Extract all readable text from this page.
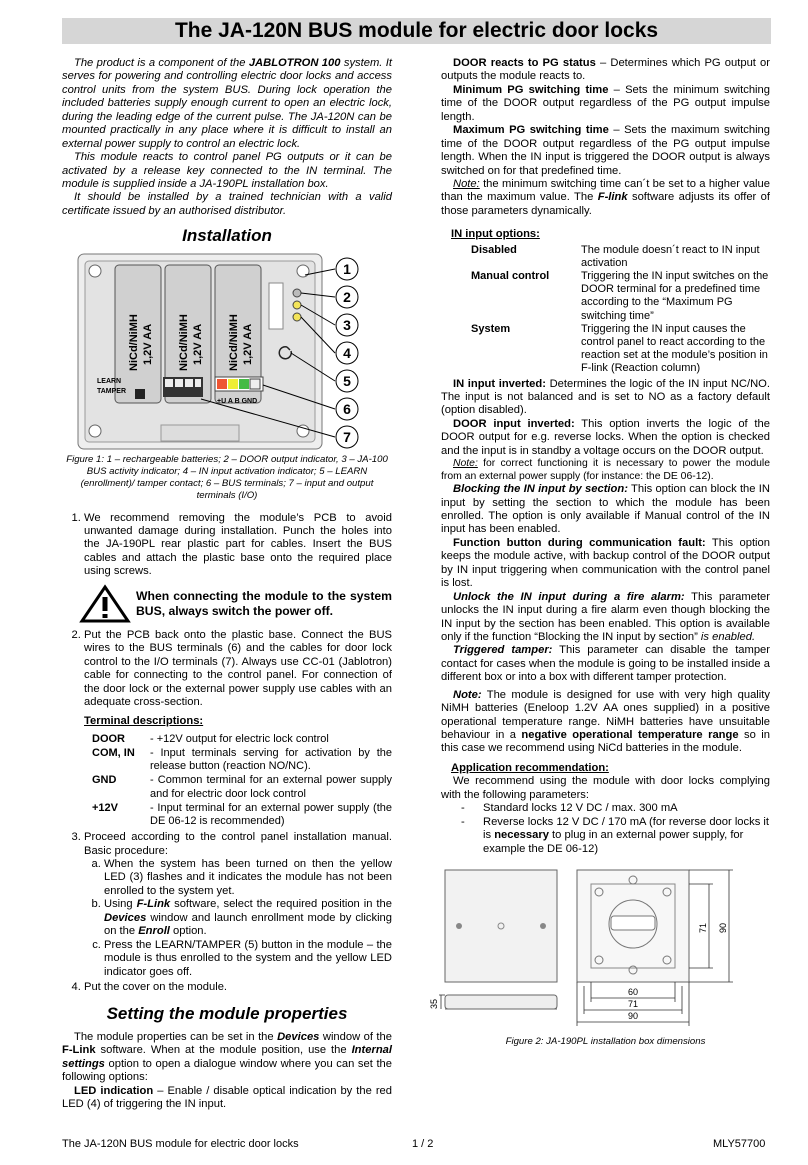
The JA-120N BUS module for electric door locks

The product is a component of the JABLOTRON 100 system. It serves for powering and controlling electric door locks and access control units from the system BUS. During lock operation the included batteries supply enough current to open an electric lock, during the leading edge of the current pulse. The JA-120N can be mounted practically in any place where it is difficult to install an external power supply to control an electric lock.

This module reacts to control panel PG outputs or it can be activated by a release key connected to the IN terminal. The module is supplied inside a JA-190PL installation box.

It should be installed by a trained technician with a valid certificate issued by an authorised distributor.

Installation
NiCd/NiMH 1,2V AA NiCd/NiMH 1,2V AA NiCd/NiMH 1,2V AA
LEARN
TAMPER
+U A B GND
1
2
3
4
5
6
7
Figure 1: 1 – rechargeable batteries; 2 – DOOR output indicator, 3 – JA-100 BUS activity indicator; 4 – IN input activation indicator; 5 – LEARN (enrollment)/ tamper contact; 6 – BUS terminals; 7 – input and output terminals (I/O)
1. We recommend removing the module’s PCB to avoid unwanted damage during installation. Punch the holes into the JA-190PL rear plastic part for cables. Insert the BUS cables and attach the plastic base onto the required place using screws.
When connecting the module to the system BUS, always switch the power off.
2. Put the PCB back onto the plastic base. Connect the BUS wires to the BUS terminals (6) and the cables for door lock control to the I/O terminals (7). Always use CC-01 (Jablotron) cable for connecting to the control panel. For connection of the door lock or the external power supply use cables with an adequate cross-section.
Terminal descriptions:
DOOR	- +12V output for electric lock control
COM, IN	- Input terminals serving for activation by the release button (reaction NO/NC).
GND	- Common terminal for an external power supply and for electric door lock control
+12V	- Input terminal for an external power supply (the DE 06-12 is recommended)
3. Proceed according to the control panel installation manual. Basic procedure:
a. When the system has been turned on then the yellow LED (3) flashes and it indicates the module has not been enrolled to the system yet.
b. Using F-Link software, select the required position in the Devices window and launch enrollment mode by clicking on the Enroll option.
c. Press the LEARN/TAMPER (5) button in the module – the module is thus enrolled to the system and the yellow LED indicator goes off.
4. Put the cover on the module.
Setting the module properties

The module properties can be set in the Devices window of the F-Link software. When at the module position, use the Internal settings option to open a dialogue window where you can set the following options:

LED indication – Enable / disable optical indication by the red LED (4) of triggering the IN input.

DOOR reacts to PG status – Determines which PG output or outputs the module reacts to.

Minimum PG switching time – Sets the minimum switching time of the DOOR output regardless of the PG output impulse length.

Maximum PG switching time – Sets the maximum switching time of the DOOR output regardless of the PG output impulse length. When the IN input is triggered the DOOR output is always switched on for that predefined time.

Note: the minimum switching time can´t be set to a higher value than the maximum value. The F-link software adjusts its offer of those parameters dynamically.

IN input options:
Disabled	The module doesn´t react to IN input activation
Manual control	Triggering the IN input switches on the DOOR terminal for a predefined time according to the “Maximum PG switching time”
System	Triggering the IN input causes the control panel to react according to the reaction set at the module’s position in F-link (Reaction column)

IN input inverted: Determines the logic of the IN input NC/NO. The input is not balanced and is set to NO as a factory default (option disabled).

DOOR input inverted: This option inverts the logic of the DOOR output for e.g. reverse locks. When the option is checked and the input is in standby a voltage occurs on the DOOR output.

Note: for correct functioning it is necessary to power the module from an external power supply (for instance: the DE 06-12).

Blocking the IN input by section: This option can block the IN input by setting the section to which the module has been enrolled. The option is only available if Manual control of the IN input has been enabled.

Function button during communication fault: This option keeps the module active, with backup control of the DOOR output by IN input triggering when communication with the control panel is lost.

Unlock the IN input during a fire alarm: This parameter unlocks the IN input during a fire alarm even though blocking the IN input by the section has been enabled. This option is available only if the function “Blocking the IN input by section” is enabled.

Triggered tamper: This parameter can disable the tamper contact for cases when the module is going to be installed inside a different box or into a box with different tamper protection.

Note: The module is designed for use with very high quality NiMH batteries (Eneloop 1.2V AA ones supplied) in a positive operational temperature range. NiMH batteries have unsuitable behaviour in a negative operational temperature range so in this case we recommend using NiCd batteries in the module.

Application recommendation:

We recommend using the module with door locks complying with the following parameters:

- Standard locks 12 V DC / max. 300 mA
- Reverse locks 12 V DC / 170 mA (for reverse door locks it is necessary to plug in an external power supply, for example the DE 06-12)
60
71
90
71 90
35
Figure 2: JA-190PL installation box dimensions
The JA-120N BUS module for electric door locks	1 / 2	MLY57700
